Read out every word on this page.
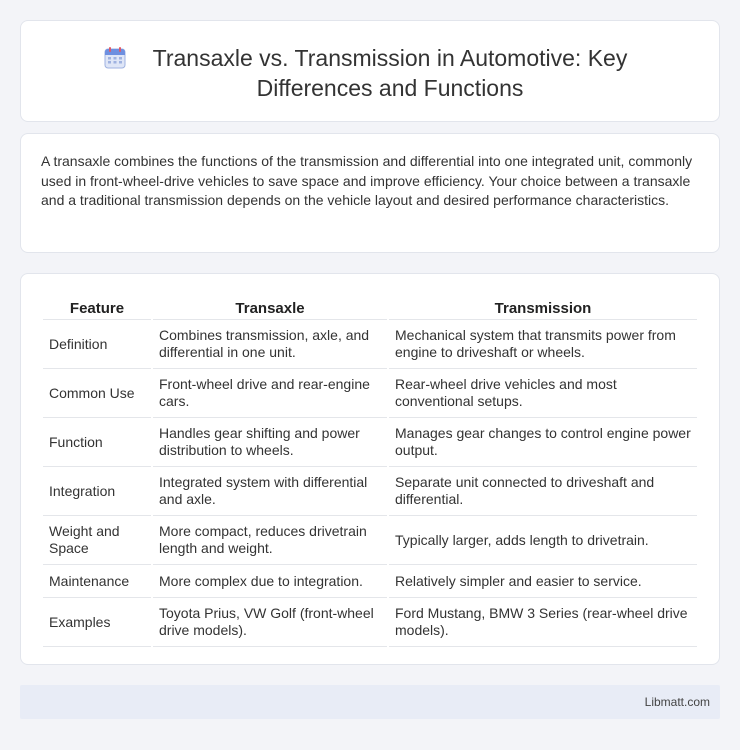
Transaxle vs. Transmission in Automotive: Key Differences and Functions

A transaxle combines the functions of the transmission and differential into one integrated unit, commonly used in front-wheel-drive vehicles to save space and improve efficiency. Your choice between a transaxle and a traditional transmission depends on the vehicle layout and desired performance characteristics.

Feature	Transaxle	Transmission
Definition	Combines transmission, axle, and differential in one unit.	Mechanical system that transmits power from engine to driveshaft or wheels.
Common Use	Front-wheel drive and rear-engine cars.	Rear-wheel drive vehicles and most conventional setups.
Function	Handles gear shifting and power distribution to wheels.	Manages gear changes to control engine power output.
Integration	Integrated system with differential and axle.	Separate unit connected to driveshaft and differential.
Weight and Space	More compact, reduces drivetrain length and weight.	Typically larger, adds length to drivetrain.
Maintenance	More complex due to integration.	Relatively simpler and easier to service.
Examples	Toyota Prius, VW Golf (front-wheel drive models).	Ford Mustang, BMW 3 Series (rear-wheel drive models).
Libmatt.com
